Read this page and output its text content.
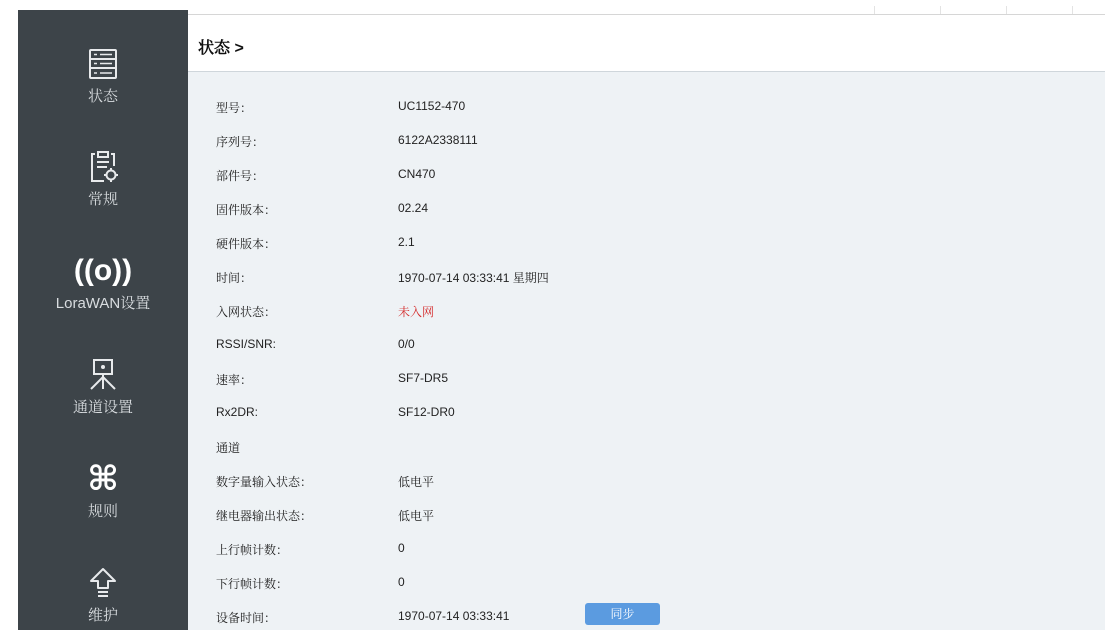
状态
常规
((o))
LoraWAN设置
通道设置
⌘
规则
维护
状态 >
型号：	UC1152-470
序列号：	6122A2338111
部件号：	CN470
固件版本：	02.24
硬件版本：	2.1
时间：	1970-07-14 03:33:41 星期四
入网状态：	未入网
RSSI/SNR:	0/0
速率：	SF7-DR5
Rx2DR:	SF12-DR0
通道
数字量输入状态：	低电平
继电器输出状态：	低电平
上行帧计数：	0
下行帧计数：	0
设备时间：	1970-07-14 03:33:41	同步
